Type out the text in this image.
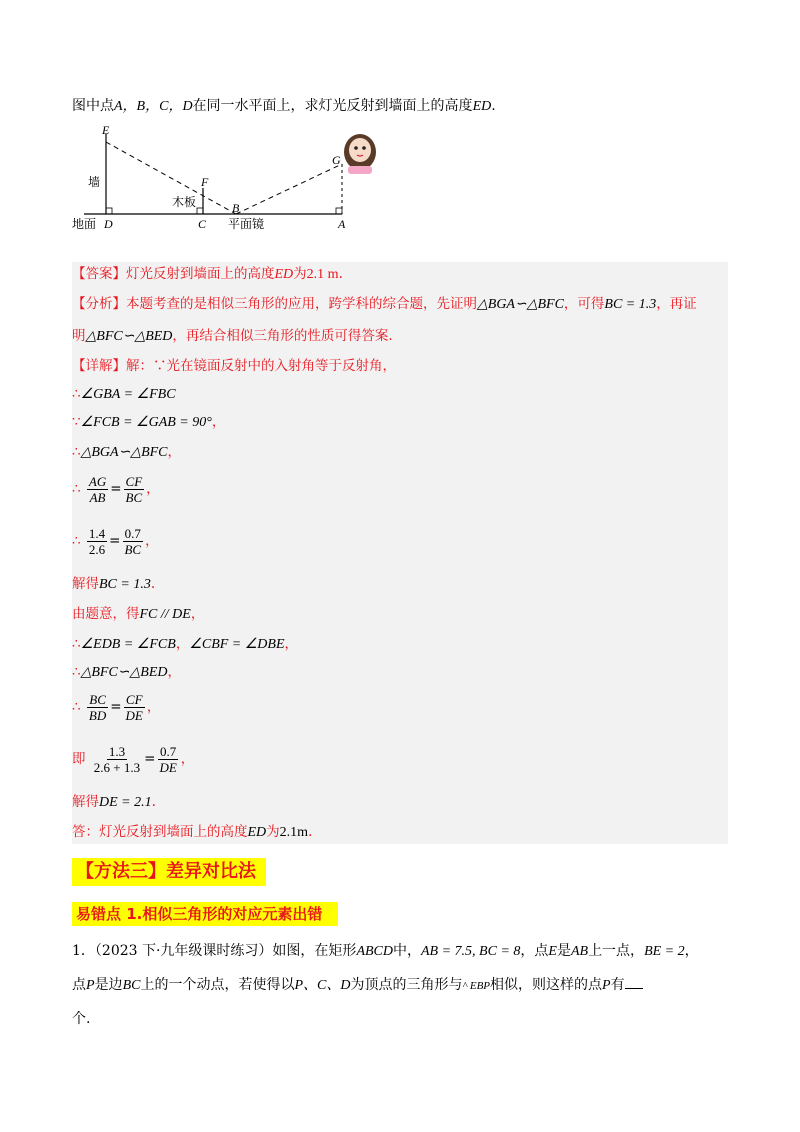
图中点A，B，C，D在同一水平面上，求灯光反射到墙面上的高度ED.
E
F
G
B
D	C	A
墙
木板
地面	平面镜
【答案】灯光反射到墙面上的高度ED为2.1 m.
【分析】本题考查的是相似三角形的应用，跨学科的综合题，先证明△BGA∽△BFC，可得BC = 1.3，再证
明△BFC∽△BED，再结合相似三角形的性质可得答案.
【详解】解：∵光在镜面反射中的入射角等于反射角，
∴∠GBA = ∠FBC
∵∠FCB = ∠GAB = 90°，
∴△BGA∽△BFC，
∴ $\frac{AG}{AB} = \frac{CF}{BC}$ ，
∴ $\frac{1.4}{2.6} = \frac{0.7}{BC}$ ，
解得BC = 1.3.
由题意，得FC // DE，
∴∠EDB = ∠FCB，∠CBF = ∠DBE，
∴△BFC∽△BED，
∴ $\frac{BC}{BD} = \frac{CF}{DE}$ ，
即 $\frac{1.3}{2.6 + 1.3} = \frac{0.7}{DE}$ ，
解得DE = 2.1.
答：灯光反射到墙面上的高度ED为2.1m.
【方法三】差异对比法
易错点 1.相似三角形的对应元素出错
1．（2023 下·九年级课时练习）如图，在矩形ABCD中，AB = 7.5, BC = 8，点E是AB上一点，BE = 2，
点P是边BC上的一个动点，若使得以P、C、D为顶点的三角形与^ EBP相似，则这样的点P有
个.
